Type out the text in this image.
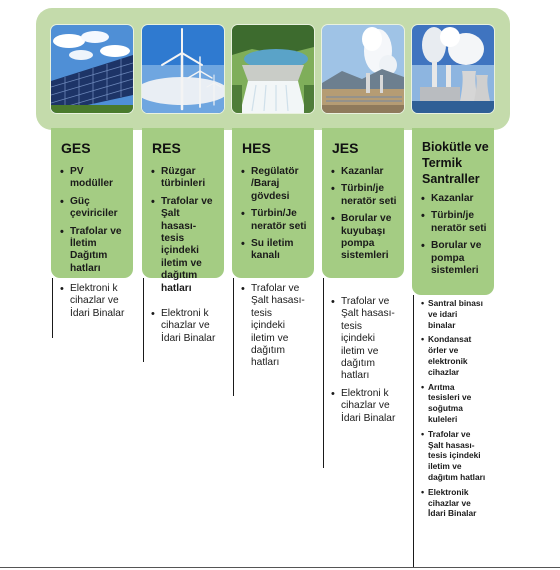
GES	RES	HES	JES	Biokütle ve Termik Santraller
• PV modüller
• Güç çeviriciler
• Trafolar ve İletim Dağıtım hatları
• Elektroni k cihazlar ve İdari Binalar
• Rüzgar türbinleri
• Trafolar ve Şalt hasası- tesis içindeki iletim ve dağıtım hatları
• Elektroni k cihazlar ve İdari Binalar
• Regülatör /Baraj gövdesi
• Türbin/Je neratör seti
• Su iletim kanalı
• Trafolar ve Şalt hasası- tesis içindeki iletim ve dağıtım hatları
• Kazanlar
• Türbin/je neratör seti
• Borular ve kuyubaşı pompa sistemleri
• Trafolar ve Şalt hasası- tesis içindeki iletim ve dağıtım hatları
• Elektroni k cihazlar ve İdari Binalar
• Kazanlar
• Türbin/je neratör seti
• Borular ve pompa sistemleri
• Santral binası ve idari binalar
• Kondansat örler ve elektronik cihazlar
• Arıtma tesisleri ve soğutma kuleleri
• Trafolar ve Şalt hasası- tesis içindeki iletim ve dağıtım hatları
• Elektronik cihazlar ve İdari Binalar
